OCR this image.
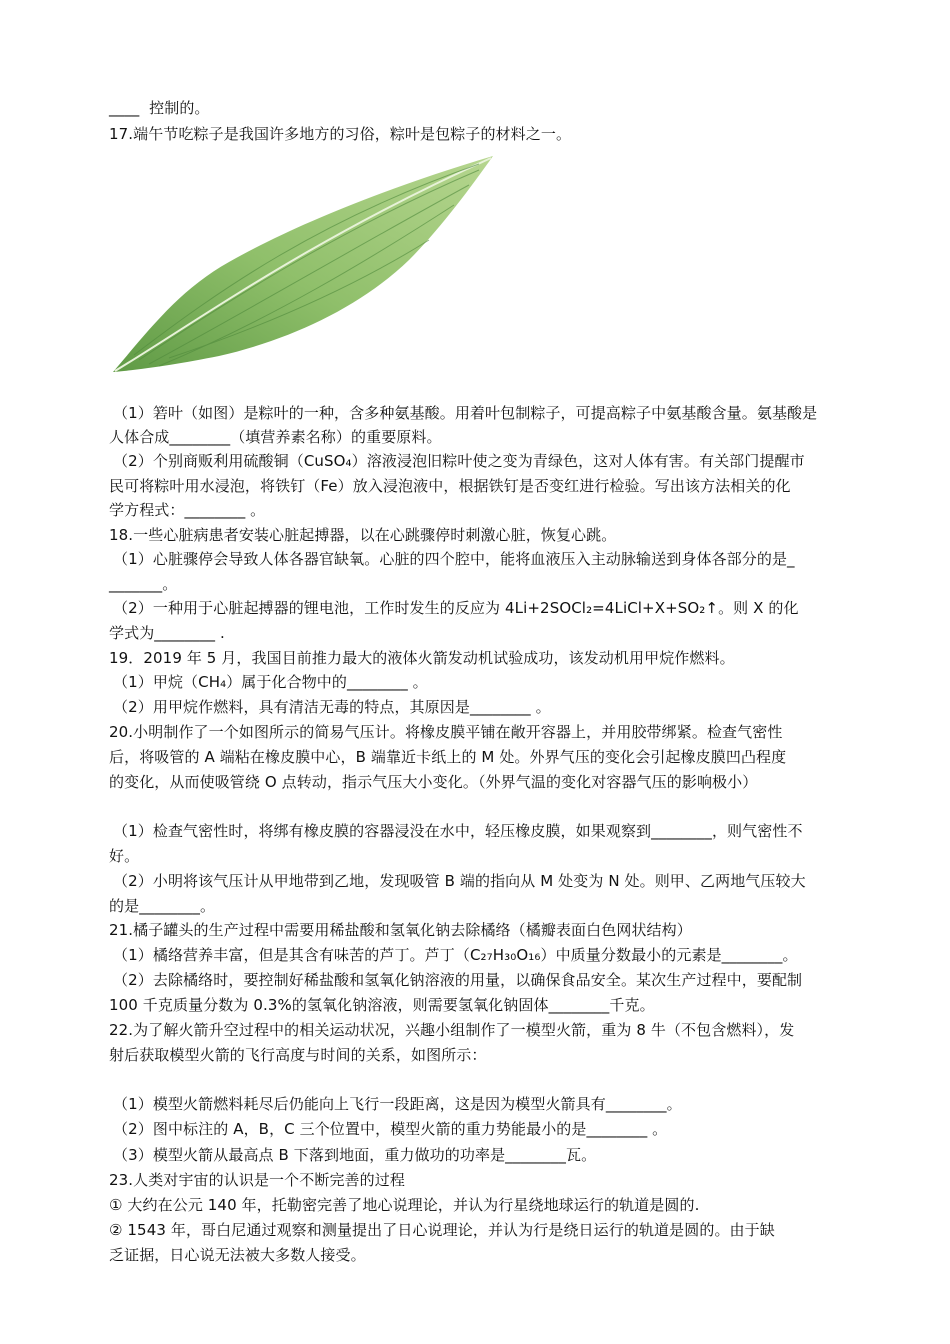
____  控制的。
17.端午节吃粽子是我国许多地方的习俗，粽叶是包粽子的材料之一。
（1）箬叶（如图）是粽叶的一种，含多种氨基酸。用着叶包制粽子，可提高粽子中氨基酸含量。氨基酸是
人体合成________（填营养素名称）的重要原料。
（2）个别商贩利用硫酸铜（CuSO₄）溶液浸泡旧粽叶使之变为青绿色，这对人体有害。有关部门提醒市
民可将粽叶用水浸泡，将铁钉（Fe）放入浸泡液中，根据铁钉是否变红进行检验。写出该方法相关的化
学方程式：________ 。
18.一些心脏病患者安装心脏起搏器，以在心跳骤停时刺激心脏，恢复心跳。
（1）心脏骤停会导致人体各器官缺氧。心脏的四个腔中，能将血液压入主动脉输送到身体各部分的是_
_______。
（2）一种用于心脏起搏器的锂电池，工作时发生的反应为 4Li+2SOCl₂=4LiCl+X+SO₂↑。则 X 的化
学式为________ .
19．2019 年 5 月，我国目前推力最大的液体火箭发动机试验成功，该发动机用甲烷作燃料。
（1）甲烷（CH₄）属于化合物中的________ 。
（2）用甲烷作燃料，具有清洁无毒的特点，其原因是________ 。
20.小明制作了一个如图所示的简易气压计。将橡皮膜平铺在敞开容器上，并用胶带绑紧。检查气密性
后，将吸管的 A 端粘在橡皮膜中心，B 端靠近卡纸上的 M 处。外界气压的变化会引起橡皮膜凹凸程度
的变化，从而使吸管绕 O 点转动，指示气压大小变化。（外界气温的变化对容器气压的影响极小）
（1）检查气密性时，将绑有橡皮膜的容器浸没在水中，轻压橡皮膜，如果观察到________，则气密性不
好。
（2）小明将该气压计从甲地带到乙地，发现吸管 B 端的指向从 M 处变为 N 处。则甲、乙两地气压较大
的是________。
21.橘子罐头的生产过程中需要用稀盐酸和氢氧化钠去除橘络（橘瓣表面白色网状结构）
（1）橘络营养丰富，但是其含有味苦的芦丁。芦丁（C₂₇H₃₀O₁₆）中质量分数最小的元素是________。
（2）去除橘络时，要控制好稀盐酸和氢氧化钠溶液的用量，以确保食品安全。某次生产过程中，要配制
100 千克质量分数为 0.3%的氢氧化钠溶液，则需要氢氧化钠固体________千克。
22.为了解火箭升空过程中的相关运动状况，兴趣小组制作了一模型火箭，重为 8 牛（不包含燃料），发
射后获取模型火箭的飞行高度与时间的关系，如图所示：
（1）模型火箭燃料耗尽后仍能向上飞行一段距离，这是因为模型火箭具有________。
（2）图中标注的 A，B，C 三个位置中，模型火箭的重力势能最小的是________ 。
（3）模型火箭从最高点 B 下落到地面，重力做功的功率是________瓦。
23.人类对宇宙的认识是一个不断完善的过程
① 大约在公元 140 年，托勒密完善了地心说理论，并认为行星绕地球运行的轨道是圆的.
② 1543 年，哥白尼通过观察和测量提出了日心说理论，并认为行是绕日运行的轨道是圆的。由于缺
乏证据，日心说无法被大多数人接受。
